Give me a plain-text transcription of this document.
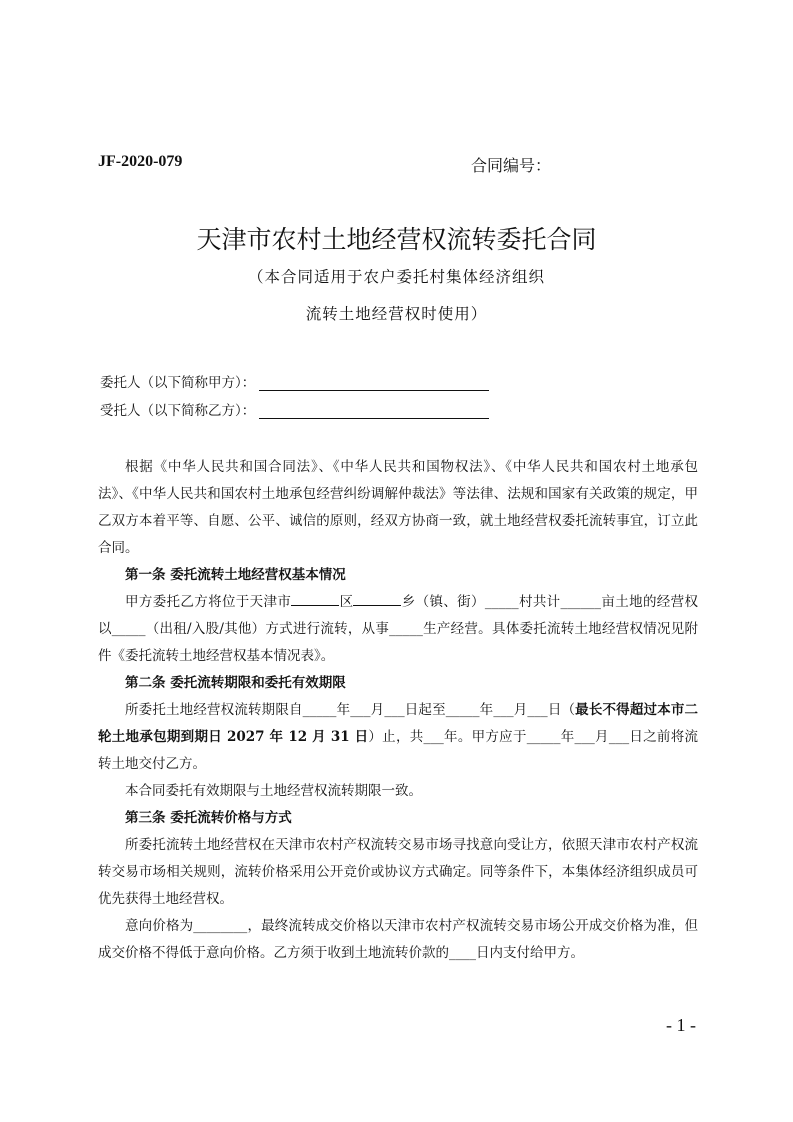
JF-2020-079	合同编号：
天津市农村土地经营权流转委托合同
（本合同适用于农户委托村集体经济组织
流转土地经营权时使用）
委托人（以下简称甲方）：
受托人（以下简称乙方）：

根据《中华人民共和国合同法》、《中华人民共和国物权法》、《中华人民共和国农村土地承包法》、《中华人民共和国农村土地承包经营纠纷调解仲裁法》等法律、法规和国家有关政策的规定，甲乙双方本着平等、自愿、公平、诚信的原则，经双方协商一致，就土地经营权委托流转事宜，订立此合同。

第一条 委托流转土地经营权基本情况

甲方委托乙方将位于天津市	区	乡（镇、街）_____村共计______亩土地的经营权以_____（出租/入股/其他）方式进行流转，从事_____生产经营。具体委托流转土地经营权情况见附件《委托流转土地经营权基本情况表》。

第二条 委托流转期限和委托有效期限

所委托土地经营权流转期限自_____年___月___日起至_____年___月___日（最长不得超过本市二轮土地承包期到期日 2027 年 12 月 31 日）止，共___年。甲方应于_____年___月___日之前将流转土地交付乙方。

本合同委托有效期限与土地经营权流转期限一致。

第三条 委托流转价格与方式

所委托流转土地经营权在天津市农村产权流转交易市场寻找意向受让方，依照天津市农村产权流转交易市场相关规则，流转价格采用公开竞价或协议方式确定。同等条件下，本集体经济组织成员可优先获得土地经营权。

意向价格为________，最终流转成交价格以天津市农村产权流转交易市场公开成交价格为准，但成交价格不得低于意向价格。乙方须于收到土地流转价款的____日内支付给甲方。

- 1 -
